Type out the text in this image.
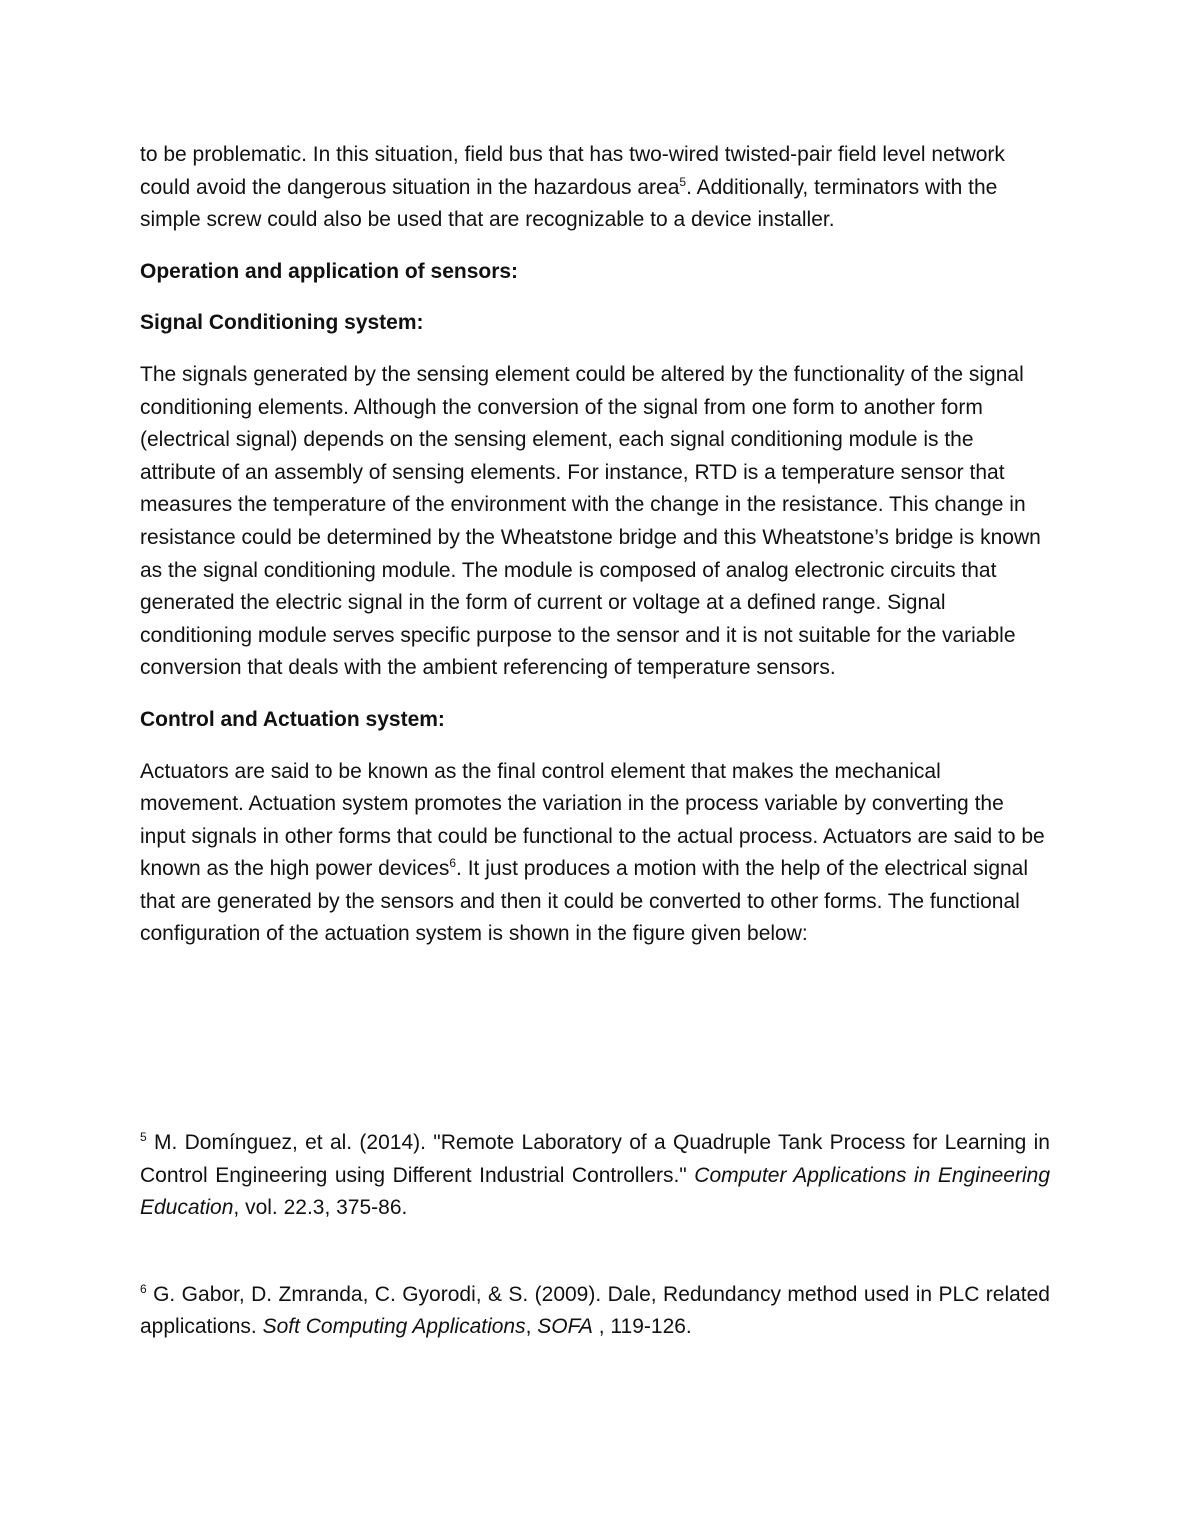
to be problematic. In this situation, field bus that has two-wired twisted-pair field level network could avoid the dangerous situation in the hazardous area$^5$. Additionally, terminators with the simple screw could also be used that are recognizable to a device installer.

Operation and application of sensors:

Signal Conditioning system:

The signals generated by the sensing element could be altered by the functionality of the signal conditioning elements. Although the conversion of the signal from one form to another form (electrical signal) depends on the sensing element, each signal conditioning module is the attribute of an assembly of sensing elements. For instance, RTD is a temperature sensor that measures the temperature of the environment with the change in the resistance. This change in resistance could be determined by the Wheatstone bridge and this Wheatstone’s bridge is known as the signal conditioning module. The module is composed of analog electronic circuits that generated the electric signal in the form of current or voltage at a defined range. Signal conditioning module serves specific purpose to the sensor and it is not suitable for the variable conversion that deals with the ambient referencing of temperature sensors.

Control and Actuation system:

Actuators are said to be known as the final control element that makes the mechanical movement. Actuation system promotes the variation in the process variable by converting the input signals in other forms that could be functional to the actual process. Actuators are said to be known as the high power devices$^6$. It just produces a motion with the help of the electrical signal that are generated by the sensors and then it could be converted to other forms. The functional configuration of the actuation system is shown in the figure given below:

$^5$ M. Domínguez, et al. (2014). "Remote Laboratory of a Quadruple Tank Process for Learning in Control Engineering using Different Industrial Controllers." Computer Applications in Engineering Education, vol. 22.3, 375-86.

$^6$ G. Gabor, D. Zmranda, C. Gyorodi, & S. (2009). Dale, Redundancy method used in PLC related applications. Soft Computing Applications, SOFA , 119-126.
